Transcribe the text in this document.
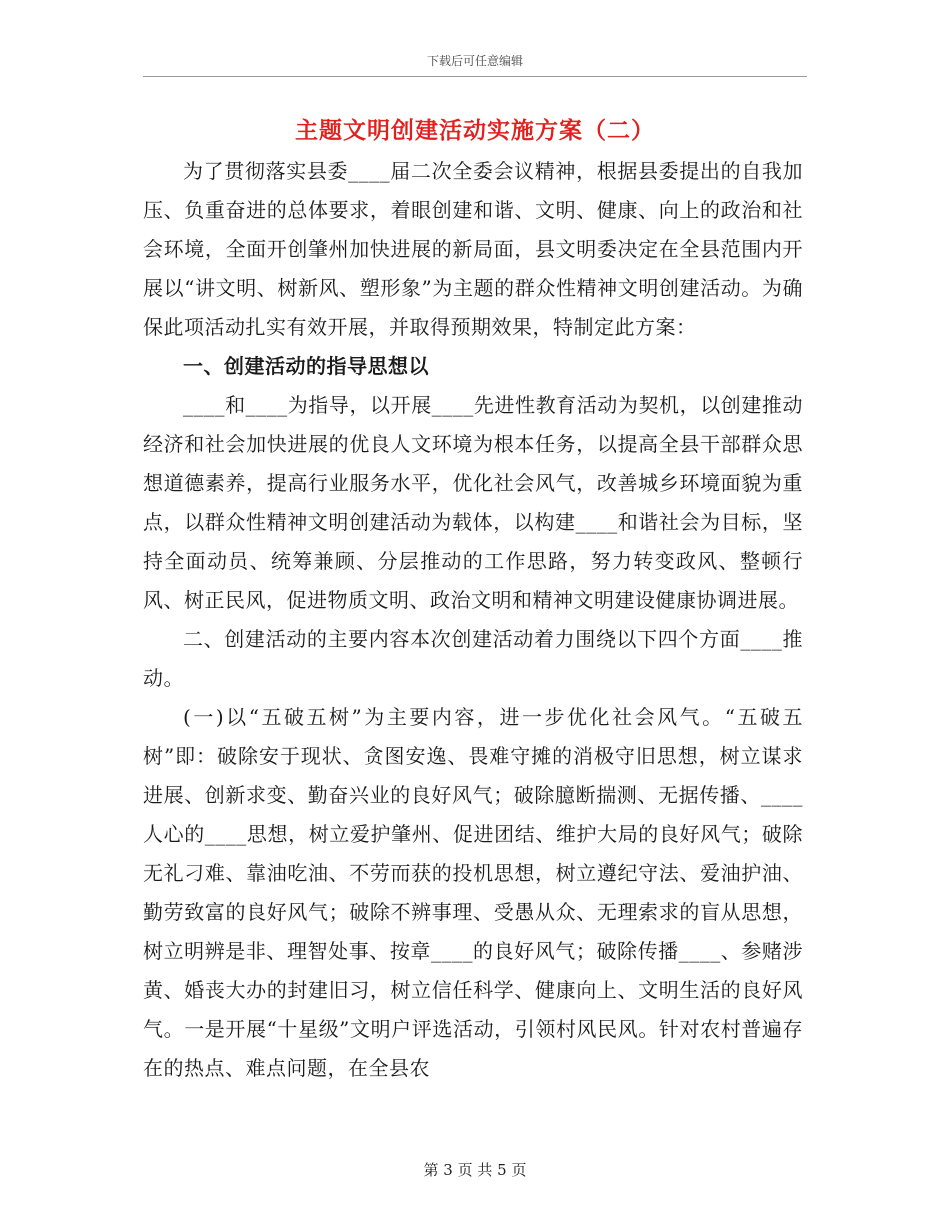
下载后可任意编辑
主题文明创建活动实施方案（二）

为了贯彻落实县委____届二次全委会议精神，根据县委提出的自我加压、负重奋进的总体要求，着眼创建和谐、文明、健康、向上的政治和社会环境，全面开创肇州加快进展的新局面，县文明委决定在全县范围内开展以“讲文明、树新风、塑形象”为主题的群众性精神文明创建活动。为确保此项活动扎实有效开展，并取得预期效果，特制定此方案：

一、创建活动的指导思想以

____和____为指导，以开展____先进性教育活动为契机，以创建推动经济和社会加快进展的优良人文环境为根本任务，以提高全县干部群众思想道德素养，提高行业服务水平，优化社会风气，改善城乡环境面貌为重点，以群众性精神文明创建活动为载体，以构建____和谐社会为目标，坚持全面动员、统筹兼顾、分层推动的工作思路，努力转变政风、整顿行风、树正民风，促进物质文明、政治文明和精神文明建设健康协调进展。

二、创建活动的主要内容本次创建活动着力围绕以下四个方面____推动。

(一)以“五破五树”为主要内容，进一步优化社会风气。“五破五树”即：破除安于现状、贪图安逸、畏难守摊的消极守旧思想，树立谋求进展、创新求变、勤奋兴业的良好风气；破除臆断揣测、无据传播、____人心的____思想，树立爱护肇州、促进团结、维护大局的良好风气；破除无礼刁难、靠油吃油、不劳而获的投机思想，树立遵纪守法、爱油护油、勤劳致富的良好风气；破除不辨事理、受愚从众、无理索求的盲从思想，树立明辨是非、理智处事、按章____的良好风气；破除传播____、参赌涉黄、婚丧大办的封建旧习，树立信任科学、健康向上、文明生活的良好风气。一是开展“十星级”文明户评选活动，引领村风民风。针对农村普遍存在的热点、难点问题，在全县农

第 3 页 共 5 页
